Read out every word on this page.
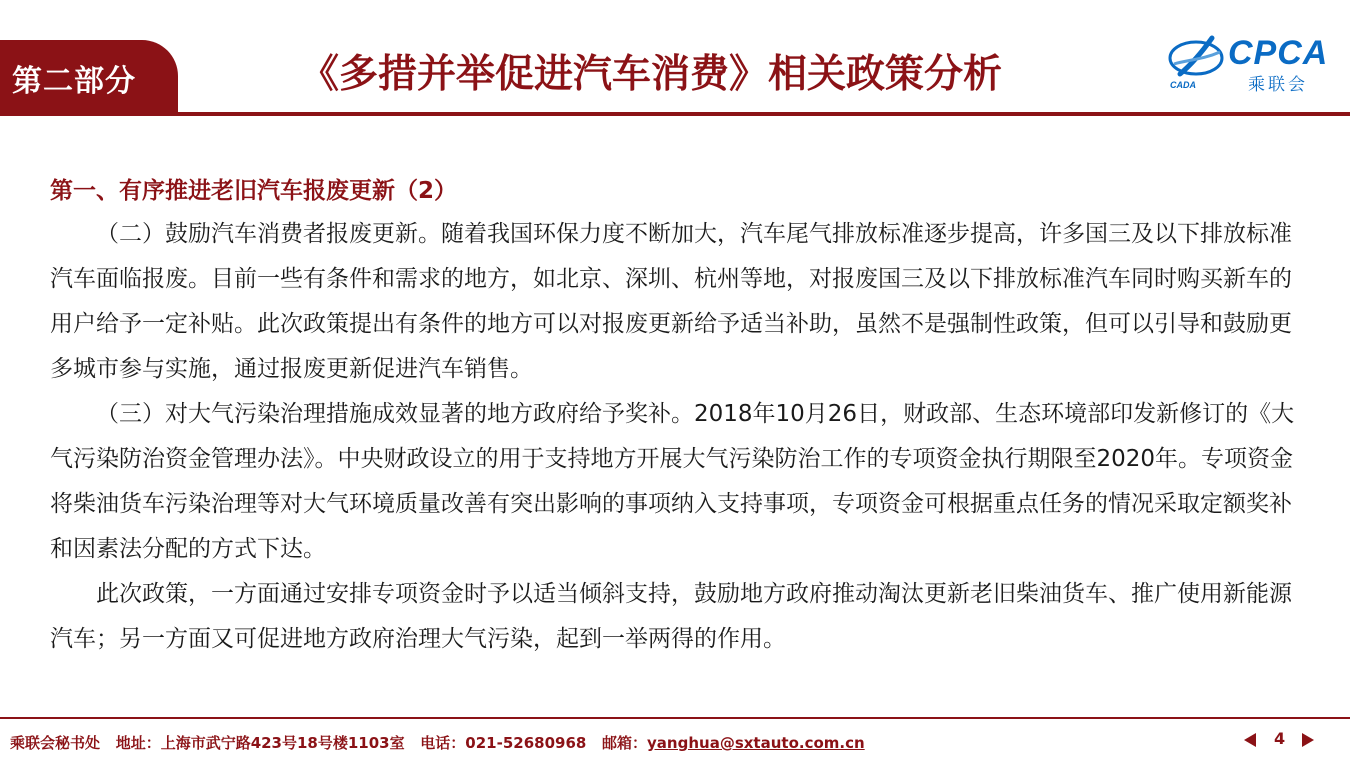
第二部分	《多措并举促进汽车消费》相关政策分析	CPCA
乘联会
CADA
第一、有序推进老旧汽车报废更新（2）

（二）鼓励汽车消费者报废更新。随着我国环保力度不断加大，汽车尾气排放标准逐步提高，许多国三及以下排放标准汽车面临报废。目前一些有条件和需求的地方，如北京、深圳、杭州等地，对报废国三及以下排放标准汽车同时购买新车的用户给予一定补贴。此次政策提出有条件的地方可以对报废更新给予适当补助，虽然不是强制性政策，但可以引导和鼓励更多城市参与实施，通过报废更新促进汽车销售。

（三）对大气污染治理措施成效显著的地方政府给予奖补。2018年10月26日，财政部、生态环境部印发新修订的《大气污染防治资金管理办法》。中央财政设立的用于支持地方开展大气污染防治工作的专项资金执行期限至2020年。专项资金将柴油货车污染治理等对大气环境质量改善有突出影响的事项纳入支持事项，专项资金可根据重点任务的情况采取定额奖补和因素法分配的方式下达。

此次政策，一方面通过安排专项资金时予以适当倾斜支持，鼓励地方政府推动淘汰更新老旧柴油货车、推广使用新能源汽车；另一方面又可促进地方政府治理大气污染，起到一举两得的作用。

乘联会秘书处 地址：上海市武宁路423号18号楼1103室 电话：021-52680968 邮箱：yanghua@sxtauto.com.cn	4
